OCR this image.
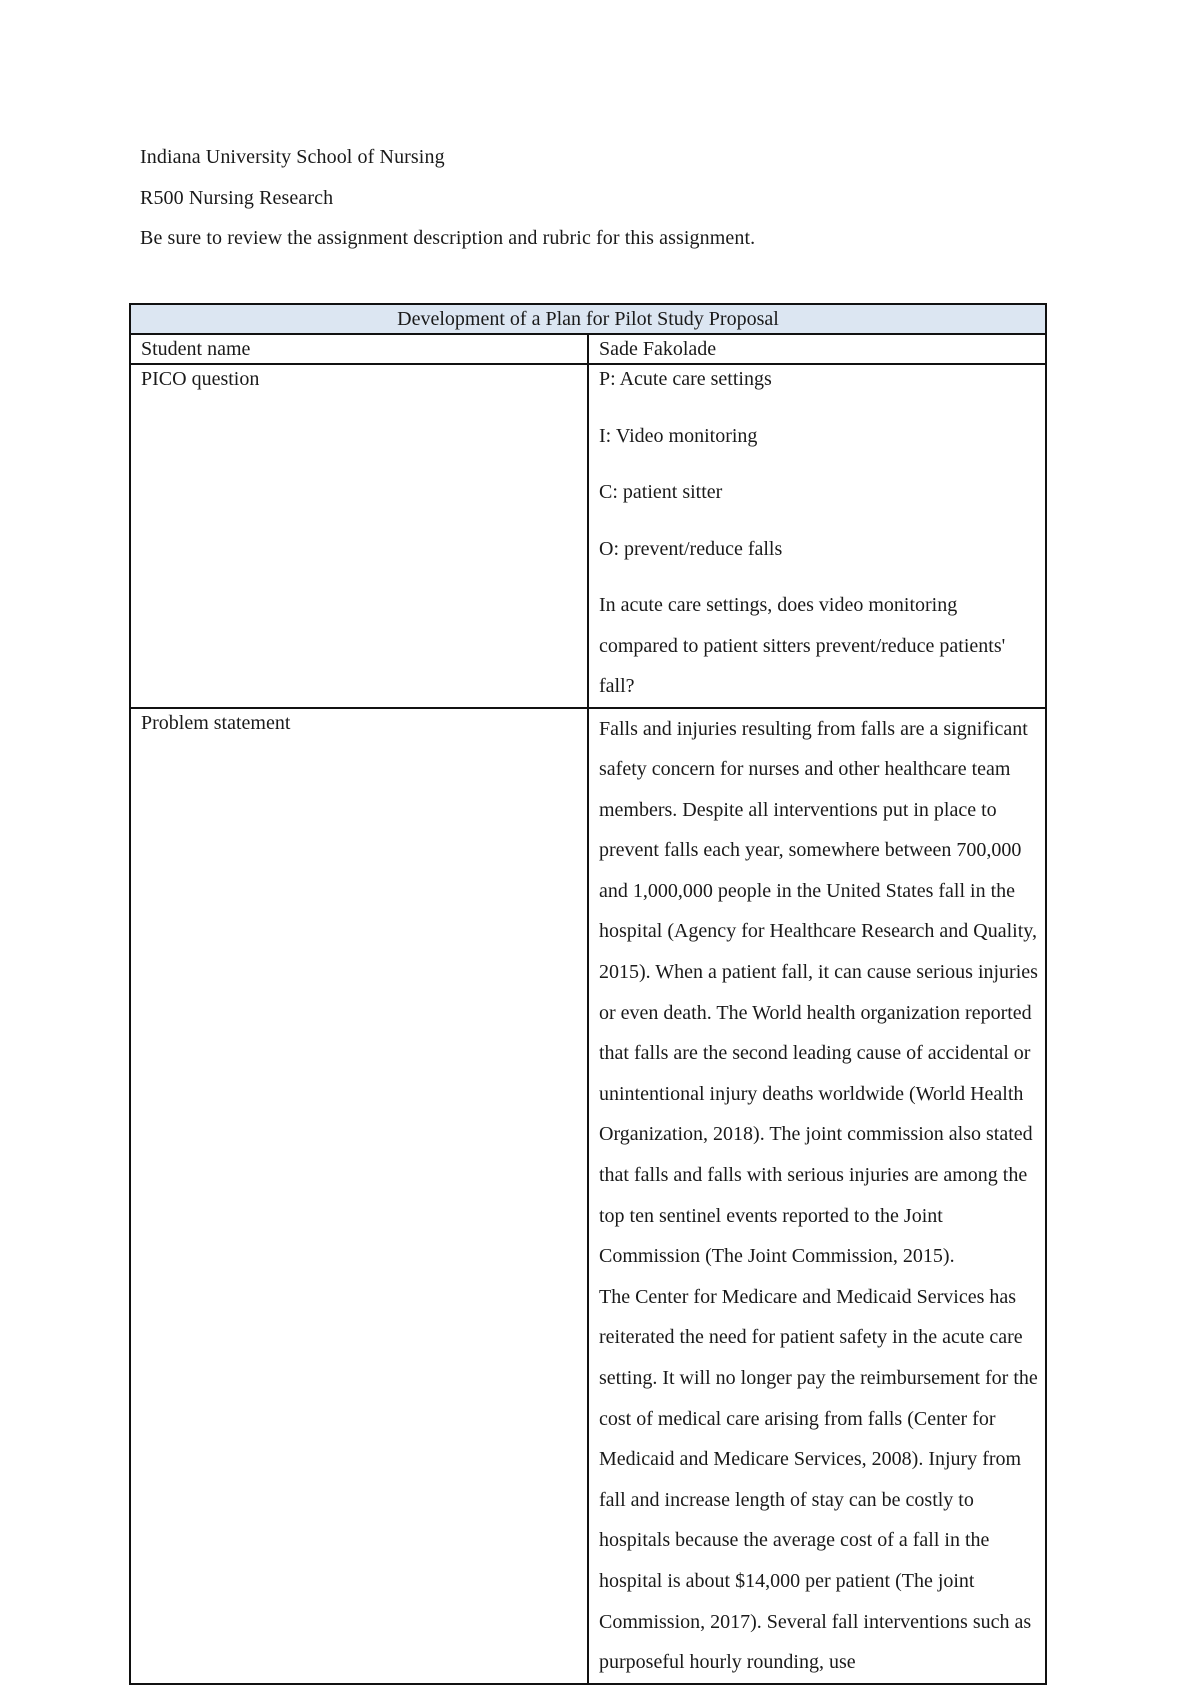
Indiana University School of Nursing
R500 Nursing Research
Be sure to review the assignment description and rubric for this assignment.
Development of a Plan for Pilot Study Proposal	
Student name	Sade Fakolade
PICO question	P: Acute care settings

I: Video monitoring

C: patient sitter

O: prevent/reduce falls

In acute care settings, does video monitoring compared to patient sitters prevent/reduce patients' fall?

Problem statement	Falls and injuries resulting from falls are a significant safety concern for nurses and other healthcare team members. Despite all interventions put in place to prevent falls each year, somewhere between 700,000 and 1,000,000 people in the United States fall in the hospital (Agency for Healthcare Research and Quality, 2015). When a patient fall, it can cause serious injuries or even death. The World health organization reported that falls are the second leading cause of accidental or unintentional injury deaths worldwide (World Health Organization, 2018). The joint commission also stated that falls and falls with serious injuries are among the top ten sentinel events reported to the Joint Commission (The Joint Commission, 2015).

The Center for Medicare and Medicaid Services has reiterated the need for patient safety in the acute care setting. It will no longer pay the reimbursement for the cost of medical care arising from falls (Center for Medicaid and Medicare Services, 2008). Injury from fall and increase length of stay can be costly to hospitals because the average cost of a fall in the hospital is about $14,000 per patient (The joint Commission, 2017). Several fall interventions such as purposeful hourly rounding, use
